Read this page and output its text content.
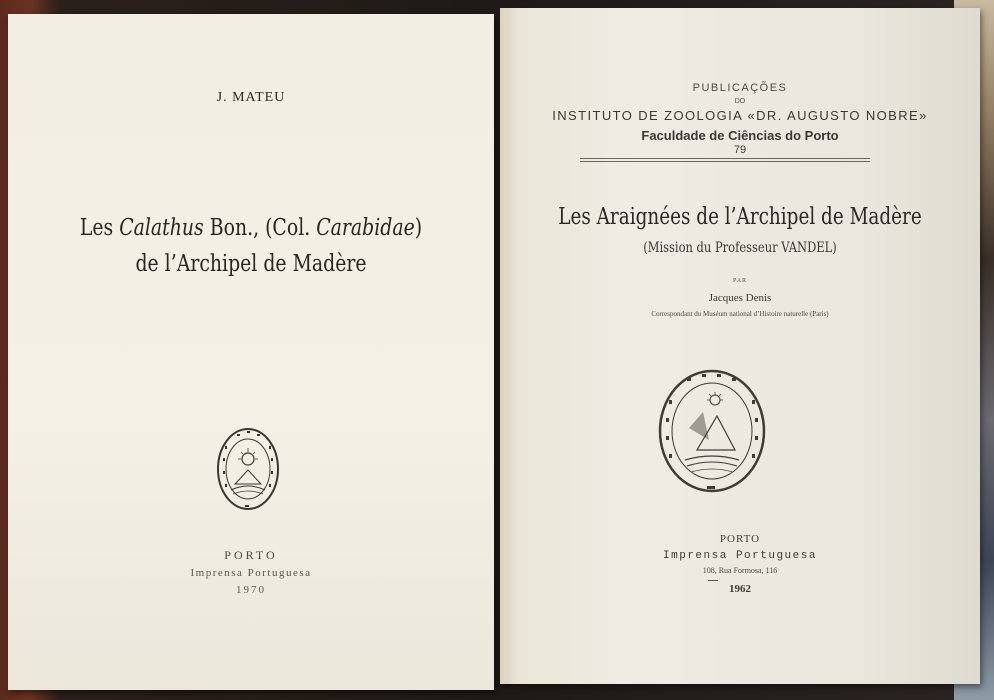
J. MATEU
Les Calathus Bon., (Col. Carabidae)
de l’Archipel de Madère
PORTO
Imprensa Portuguesa
1970
PUBLICAÇÕES
DO
INSTITUTO DE ZOOLOGIA «DR. AUGUSTO NOBRE»
Faculdade de Ciências do Porto
79
Les Araignées de l’Archipel de Madère
(Mission du Professeur VANDEL)
PAR
Jacques Denis
Correspondant du Muséum national d’Histoire naturelle (Paris)
PORTO
Imprensa Portuguesa
108, Rua Formosa, 116
1962
